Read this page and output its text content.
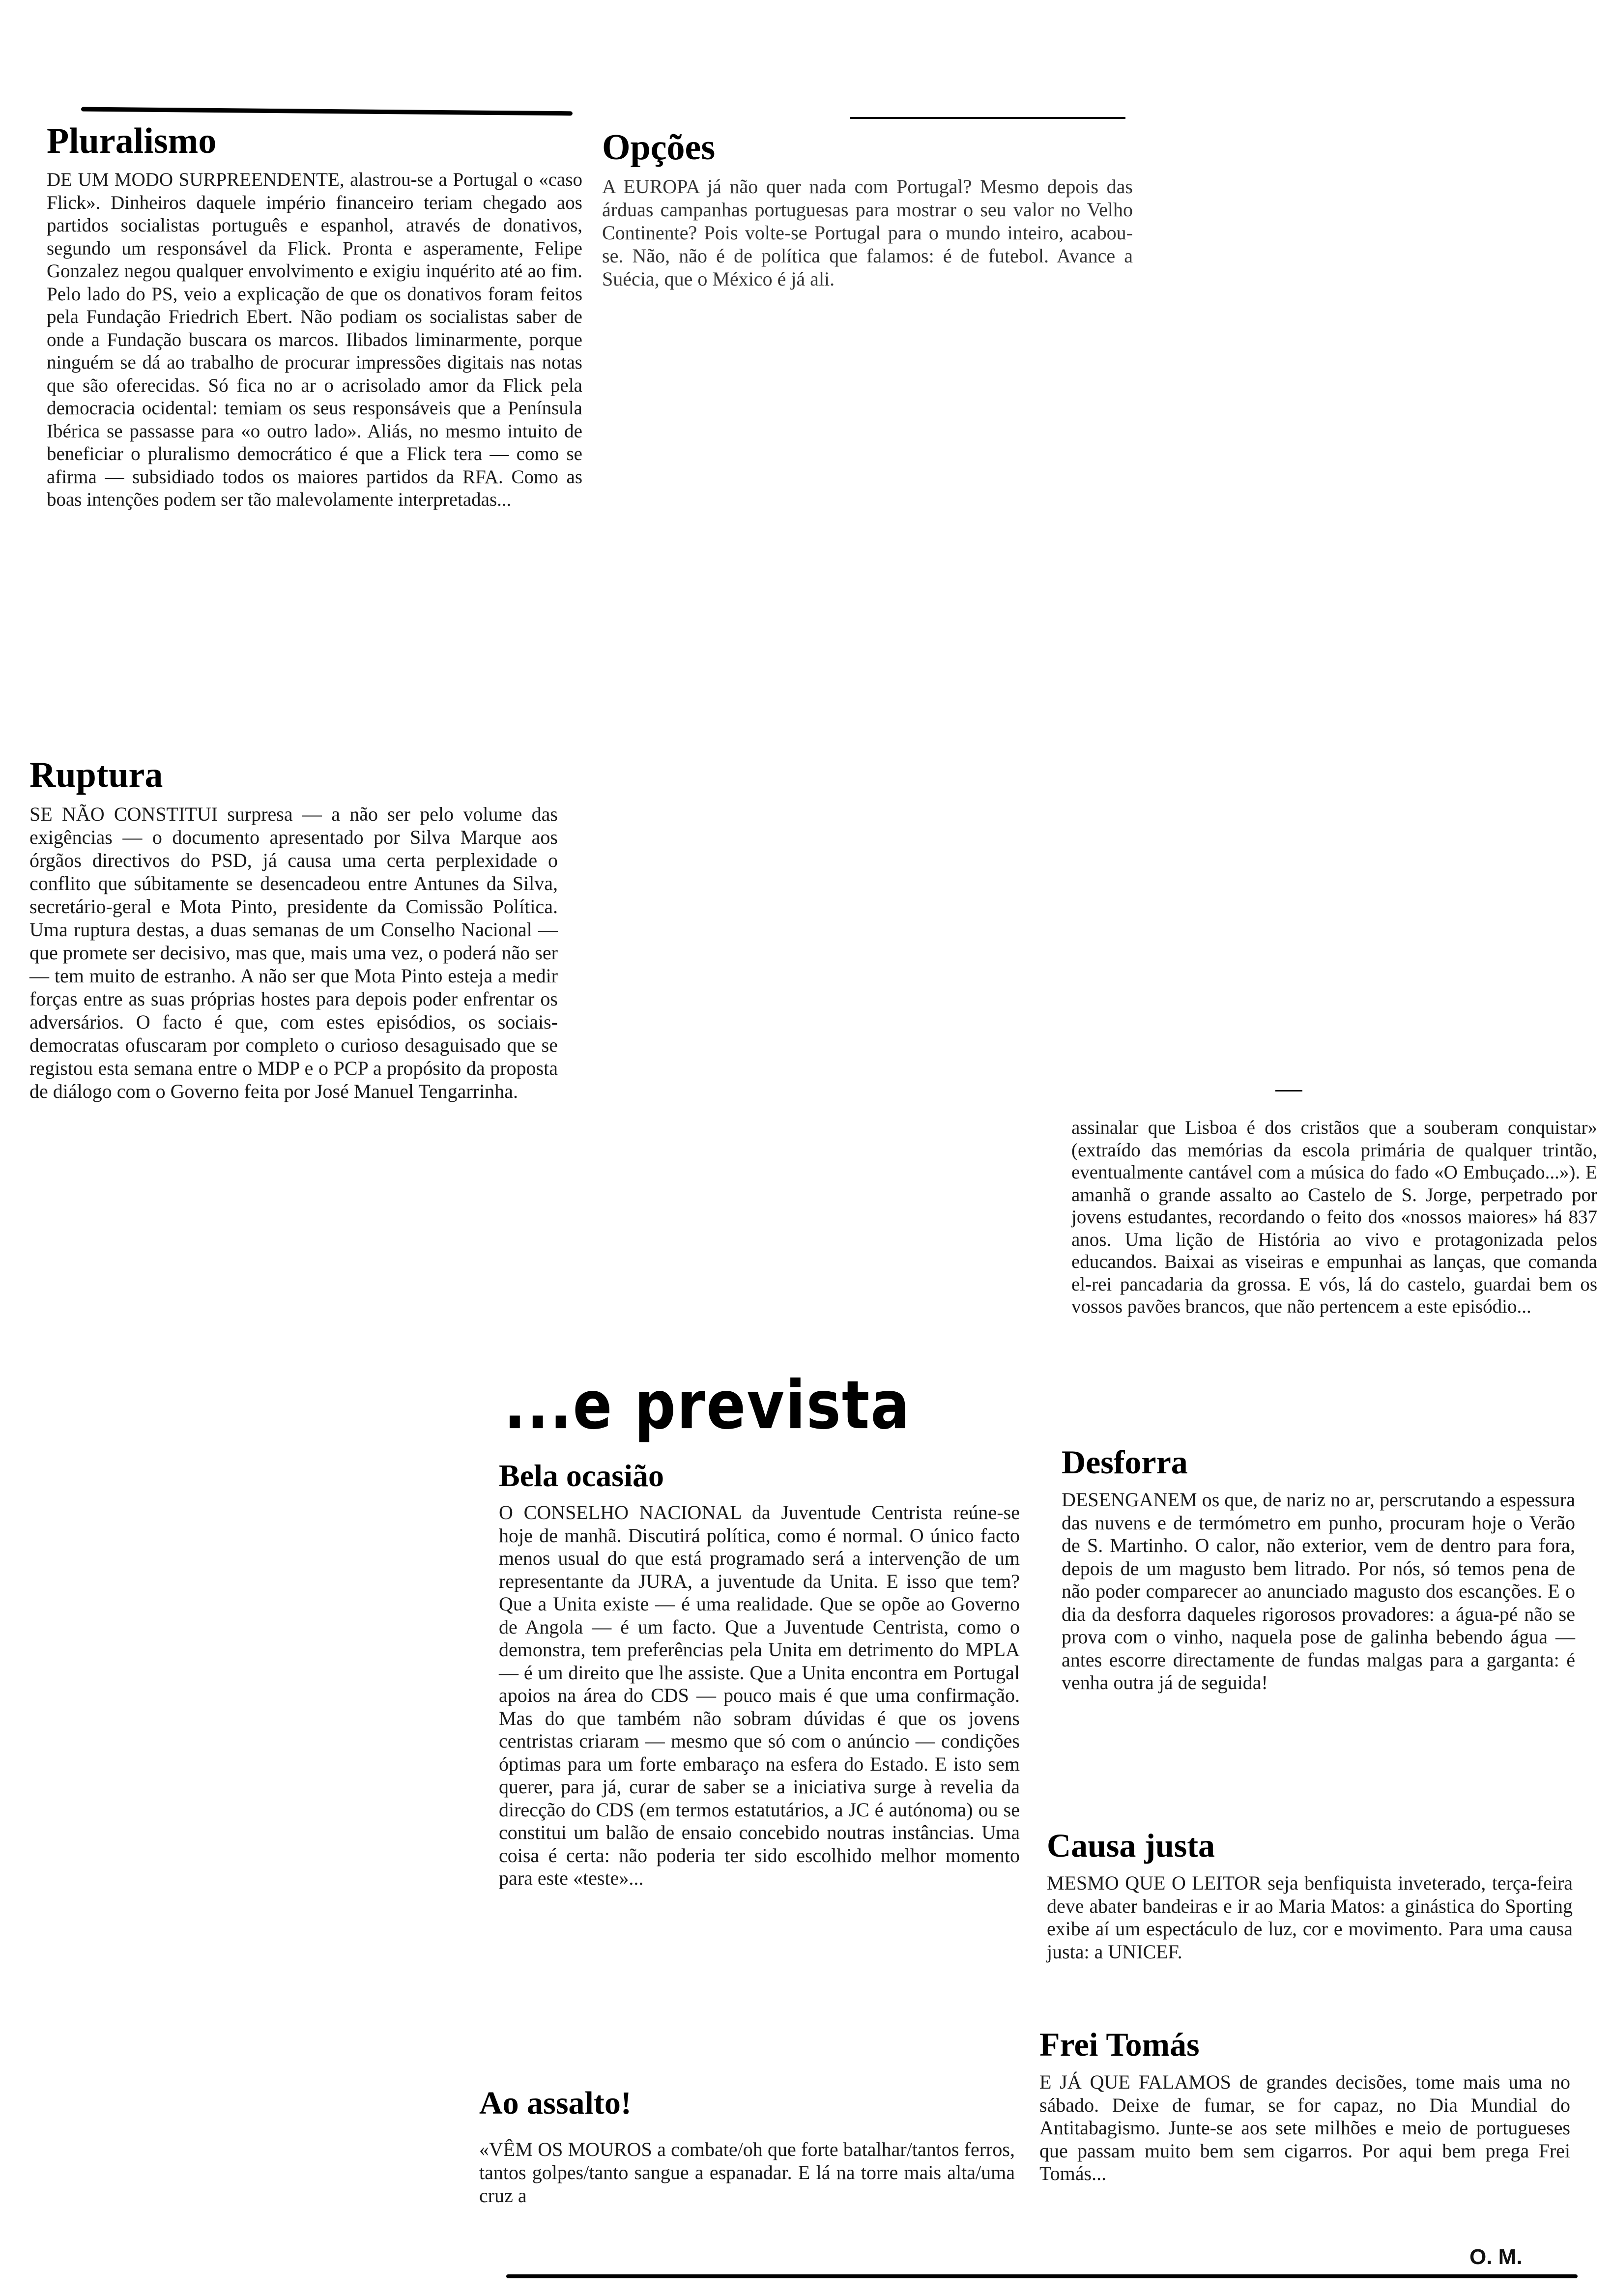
Pluralismo

DE UM MODO SURPREENDENTE, alastrou-se a Portugal o «caso Flick». Dinheiros daquele império financeiro teriam chegado aos partidos socialistas português e espanhol, através de donativos, segundo um responsável da Flick. Pronta e asperamente, Felipe Gonzalez negou qualquer envolvimento e exigiu inquérito até ao fim. Pelo lado do PS, veio a explicação de que os donativos foram feitos pela Fundação Friedrich Ebert. Não podiam os socialistas saber de onde a Fundação buscara os marcos. Ilibados liminarmente, porque ninguém se dá ao trabalho de procurar impressões digitais nas notas que são oferecidas. Só fica no ar o acrisolado amor da Flick pela democracia ocidental: temiam os seus responsáveis que a Península Ibérica se passasse para «o outro lado». Aliás, no mesmo intuito de beneficiar o pluralismo democrático é que a Flick tera — como se afirma — subsidiado todos os maiores partidos da RFA. Como as boas intenções podem ser tão malevolamente interpretadas...

Opções

A EUROPA já não quer nada com Portugal? Mesmo depois das árduas campanhas portuguesas para mostrar o seu valor no Velho Continente? Pois volte-se Portugal para o mundo inteiro, acabou-se. Não, não é de política que falamos: é de futebol. Avance a Suécia, que o México é já ali.

Ruptura

SE NÃO CONSTITUI surpresa — a não ser pelo volume das exigências — o documento apresentado por Silva Marque aos órgãos directivos do PSD, já causa uma certa perplexidade o conflito que súbitamente se desencadeou entre Antunes da Silva, secretário-geral e Mota Pinto, presidente da Comissão Política. Uma ruptura destas, a duas semanas de um Conselho Nacional — que promete ser decisivo, mas que, mais uma vez, o poderá não ser — tem muito de estranho. A não ser que Mota Pinto esteja a medir forças entre as suas próprias hostes para depois poder enfrentar os adversários. O facto é que, com estes episódios, os sociais-democratas ofuscaram por completo o curioso desaguisado que se registou esta semana entre o MDP e o PCP a propósito da proposta de diálogo com o Governo feita por José Manuel Tengarrinha.

assinalar que Lisboa é dos cristãos que a souberam conquistar» (extraído das memórias da escola primária de qualquer trintão, eventualmente cantável com a música do fado «O Embuçado...»). E amanhã o grande assalto ao Castelo de S. Jorge, perpetrado por jovens estudantes, recordando o feito dos «nossos maiores» há 837 anos. Uma lição de História ao vivo e protagonizada pelos educandos. Baixai as viseiras e empunhai as lanças, que comanda el-rei pancadaria da grossa. E vós, lá do castelo, guardai bem os vossos pavões brancos, que não pertencem a este episódio...

...e prevista
Bela ocasião

O CONSELHO NACIONAL da Juventude Centrista reúne-se hoje de manhã. Discutirá política, como é normal. O único facto menos usual do que está programado será a intervenção de um representante da JURA, a juventude da Unita. E isso que tem? Que a Unita existe — é uma realidade. Que se opõe ao Governo de Angola — é um facto. Que a Juventude Centrista, como o demonstra, tem preferências pela Unita em detrimento do MPLA — é um direito que lhe assiste. Que a Unita encontra em Portugal apoios na área do CDS — pouco mais é que uma confirmação. Mas do que também não sobram dúvidas é que os jovens centristas criaram — mesmo que só com o anúncio — condições óptimas para um forte embaraço na esfera do Estado. E isto sem querer, para já, curar de saber se a iniciativa surge à revelia da direcção do CDS (em termos estatutários, a JC é autónoma) ou se constitui um balão de ensaio concebido noutras instâncias. Uma coisa é certa: não poderia ter sido escolhido melhor momento para este «teste»...

Ao assalto!

«VÊM OS MOUROS a combate/oh que forte batalhar/tantos ferros, tantos golpes/tanto sangue a espanadar. E lá na torre mais alta/uma cruz a

Desforra

DESENGANEM os que, de nariz no ar, perscrutando a espessura das nuvens e de termómetro em punho, procuram hoje o Verão de S. Martinho. O calor, não exterior, vem de dentro para fora, depois de um magusto bem litrado. Por nós, só temos pena de não poder comparecer ao anunciado magusto dos escanções. E o dia da desforra daqueles rigorosos provadores: a água-pé não se prova com o vinho, naquela pose de galinha bebendo água — antes escorre directamente de fundas malgas para a garganta: é venha outra já de seguida!

Causa justa

MESMO QUE O LEITOR seja benfiquista inveterado, terça-feira deve abater bandeiras e ir ao Maria Matos: a ginástica do Sporting exibe aí um espectáculo de luz, cor e movimento. Para uma causa justa: a UNICEF.

Frei Tomás

E JÁ QUE FALAMOS de grandes decisões, tome mais uma no sábado. Deixe de fumar, se for capaz, no Dia Mundial do Antitabagismo. Junte-se aos sete milhões e meio de portugueses que passam muito bem sem cigarros. Por aqui bem prega Frei Tomás...

O. M.
